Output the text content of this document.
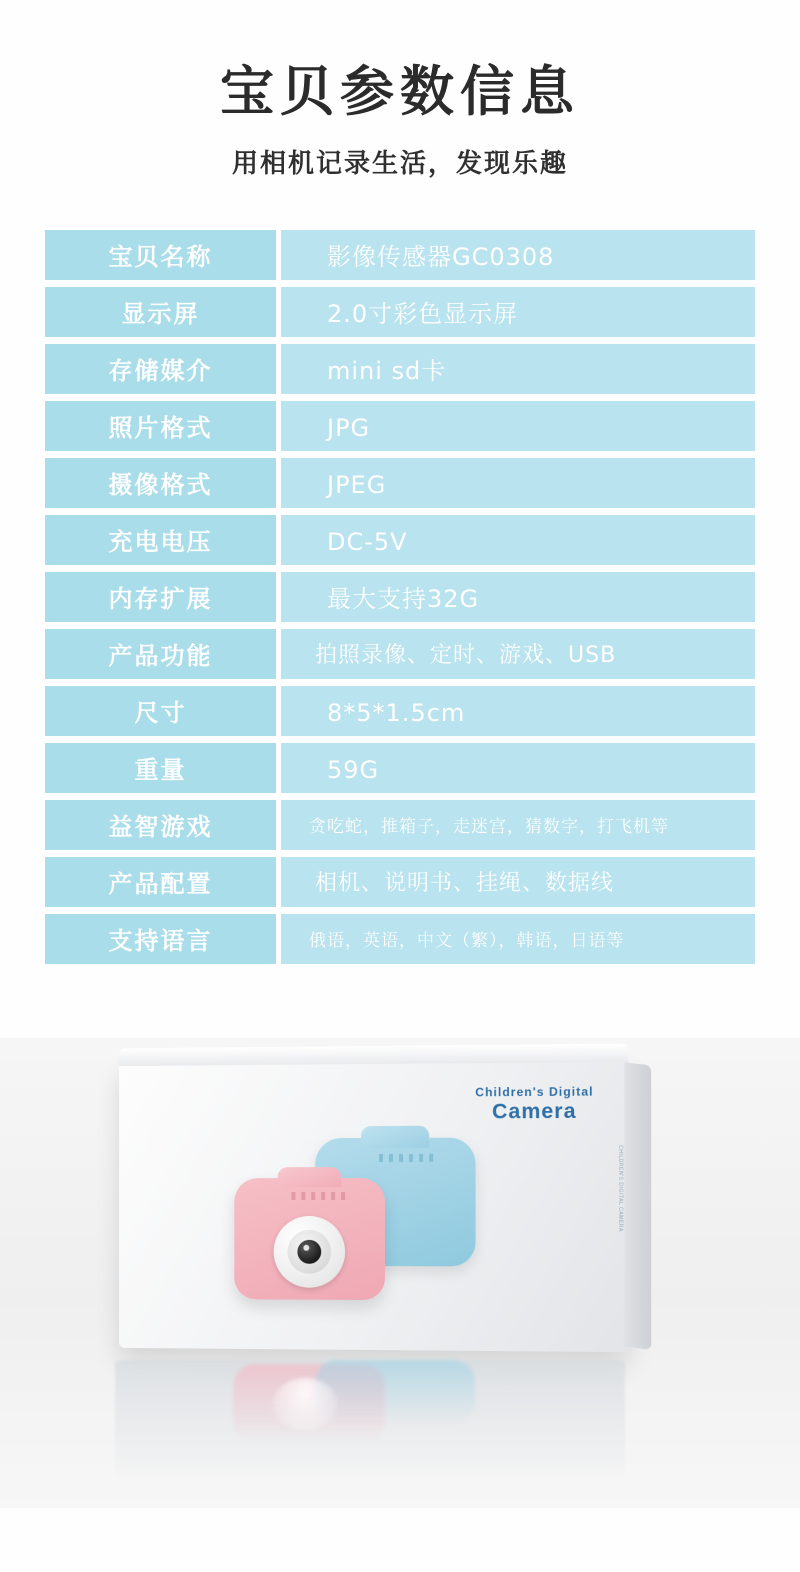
宝贝参数信息
用相机记录生活，发现乐趣
宝贝名称	影像传感器GC0308
显示屏	2.0寸彩色显示屏
存储媒介	mini sd卡
照片格式	JPG
摄像格式	JPEG
充电电压	DC-5V
内存扩展	最大支持32G
产品功能	拍照录像、定时、游戏、USB
尺寸	8*5*1.5cm
重量	59G
益智游戏	贪吃蛇，推箱子，走迷宫，猜数字，打飞机等
产品配置	相机、说明书、挂绳、数据线
支持语言	俄语，英语，中文（繁），韩语，日语等
CHILDREN'S DIGITAL CAMERA
Children's Digital
Camera
